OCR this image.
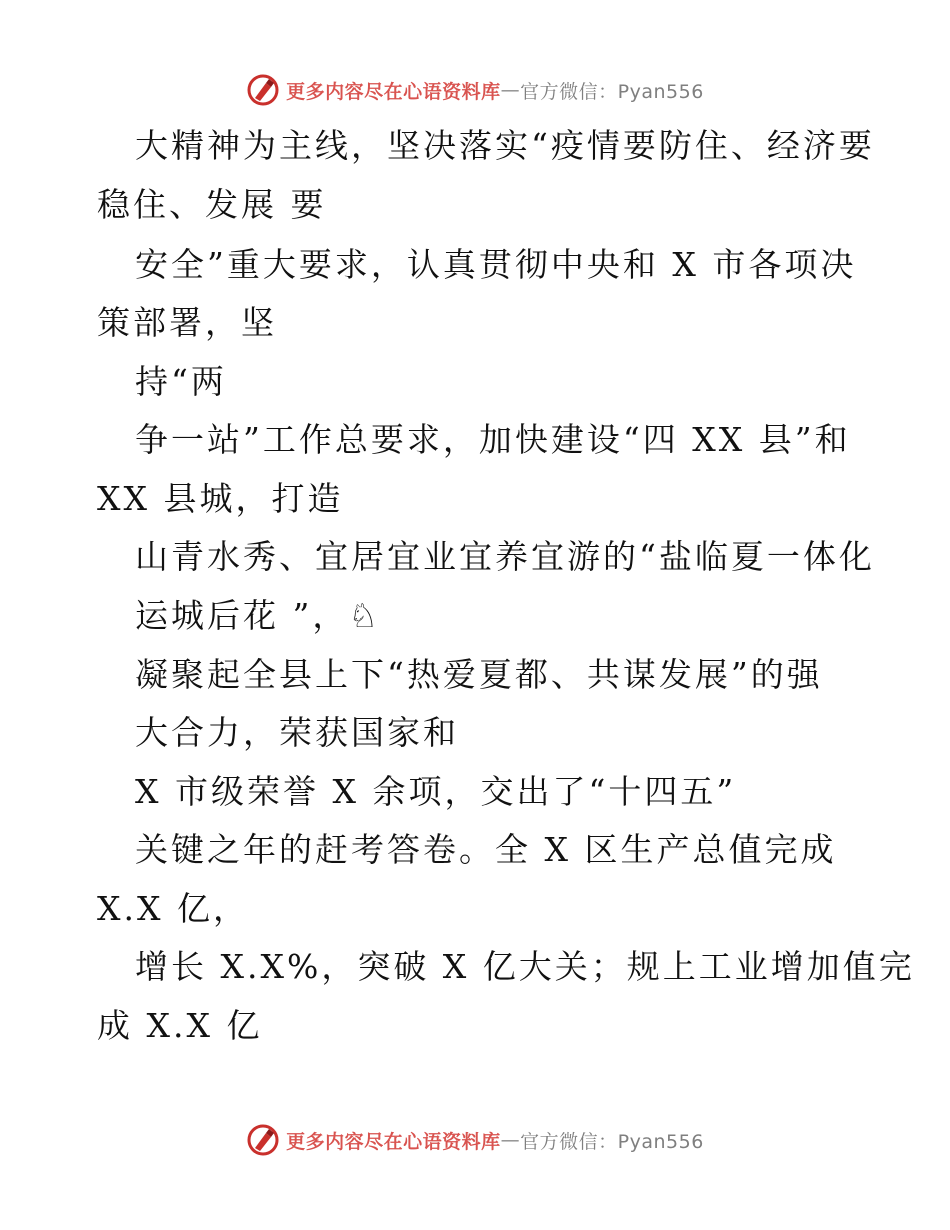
更多内容尽在心语资料库 — 官方微信：Pyan556
大精神为主线，坚决落实“疫情要防住、经济要
稳住、发展 要
安全”重大要求，认真贯彻中央和 X 市各项决
策部署，坚
持“两
争一站”工作总要求，加快建设“四 XX 县”和
XX 县城，打造
山青水秀、宜居宜业宜养宜游的“盐临夏一体化
运城后花 ”，♘
凝聚起全县上下“热爱夏都、共谋发展”的强
大合力，荣获国家和
X 市级荣誉 X 余项，交出了“十四五”
关键之年的赶考答卷。全 X 区生产总值完成
X.X 亿，
增长 X.X%，突破 X 亿大关；规上工业增加值完
成 X.X 亿
更多内容尽在心语资料库 — 官方微信：Pyan556
